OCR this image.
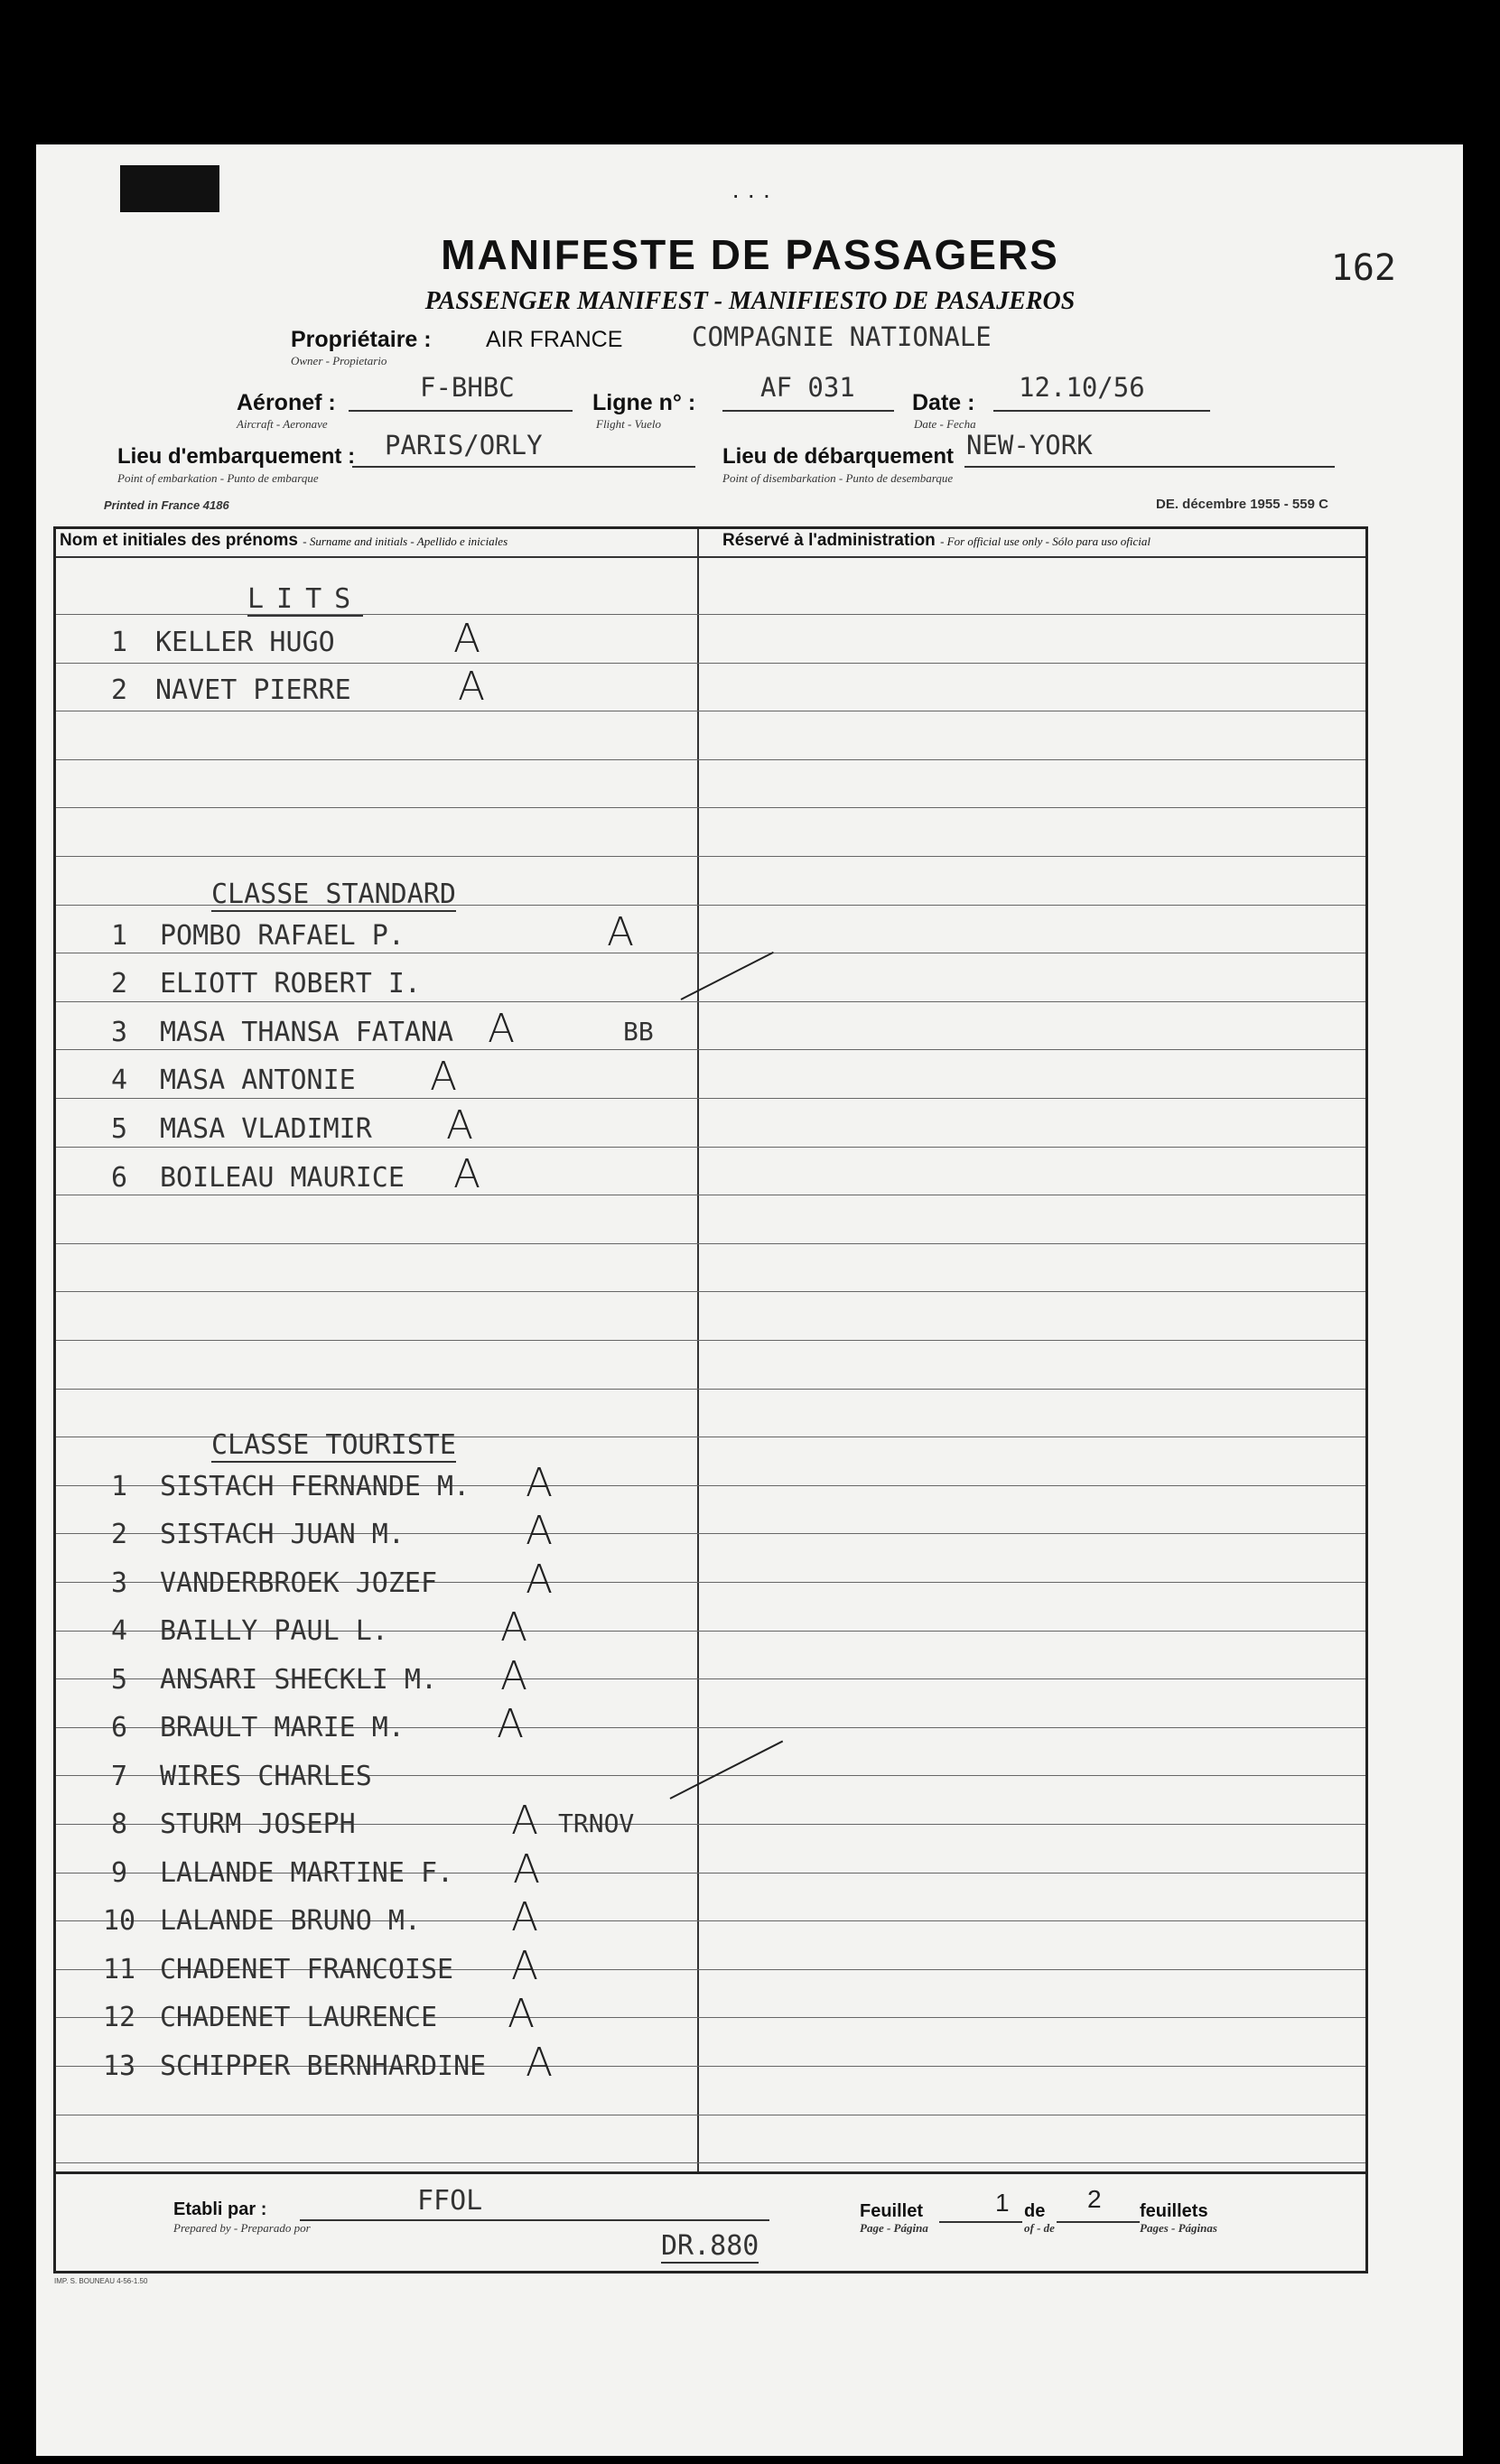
· · ·
162
MANIFESTE DE PASSAGERS
PASSENGER MANIFEST - MANIFIESTO DE PASAJEROS
Propriétaire : AIR FRANCE	COMPAGNIE NATIONALE
Owner - Propietario
Aéronef :	F-BHBC
Aircraft - Aeronave
Ligne n° : AF 031
Flight - Vuelo
Date : 12.10/56
Date - Fecha
Lieu d'embarquement : PARIS/ORLY
Point of embarkation - Punto de embarque
Lieu de débarquement NEW-YORK
Point of disembarkation - Punto de desembarque
Printed in France 4186	DE. décembre 1955 - 559 C
Nom et initiales des prénoms - Surname and initials - Apellido e iniciales	Réservé à l'administration - For official use only - Sólo para uso oficial
LITS
CLASSE STANDARD
CLASSE TOURISTE
1	KELLER HUGO	A
2	NAVET PIERRE	A
1	POMBO RAFAEL P.	A
2	ELIOTT ROBERT I.
3	MASA THANSA FATANA A	BB
4	MASA ANTONIE A
5	MASA VLADIMIR A
6	BOILEAU MAURICE A
1	SISTACH FERNANDE M. A
2	SISTACH JUAN M.	A
3	VANDERBROEK JOZEF A
4	BAILLY PAUL L.	A
5	ANSARI SHECKLI M. A
6	BRAULT MARIE M. A
7	WIRES CHARLES
8	STURM JOSEPH	A TRNOV
9	LALANDE MARTINE F. A
10 LALANDE BRUNO M. A
11 CHADENET FRANCOISE A
12 CHADENET LAURENCE A
13 SCHIPPER BERNHARDINE A
Etabli par :	FFOL
Prepared by - Preparado por
DR.880
Feuillet	1 de 2 feuillets
Page - Página	of - de	Pages - Páginas
IMP. S. BOUNEAU 4-56-1.50
